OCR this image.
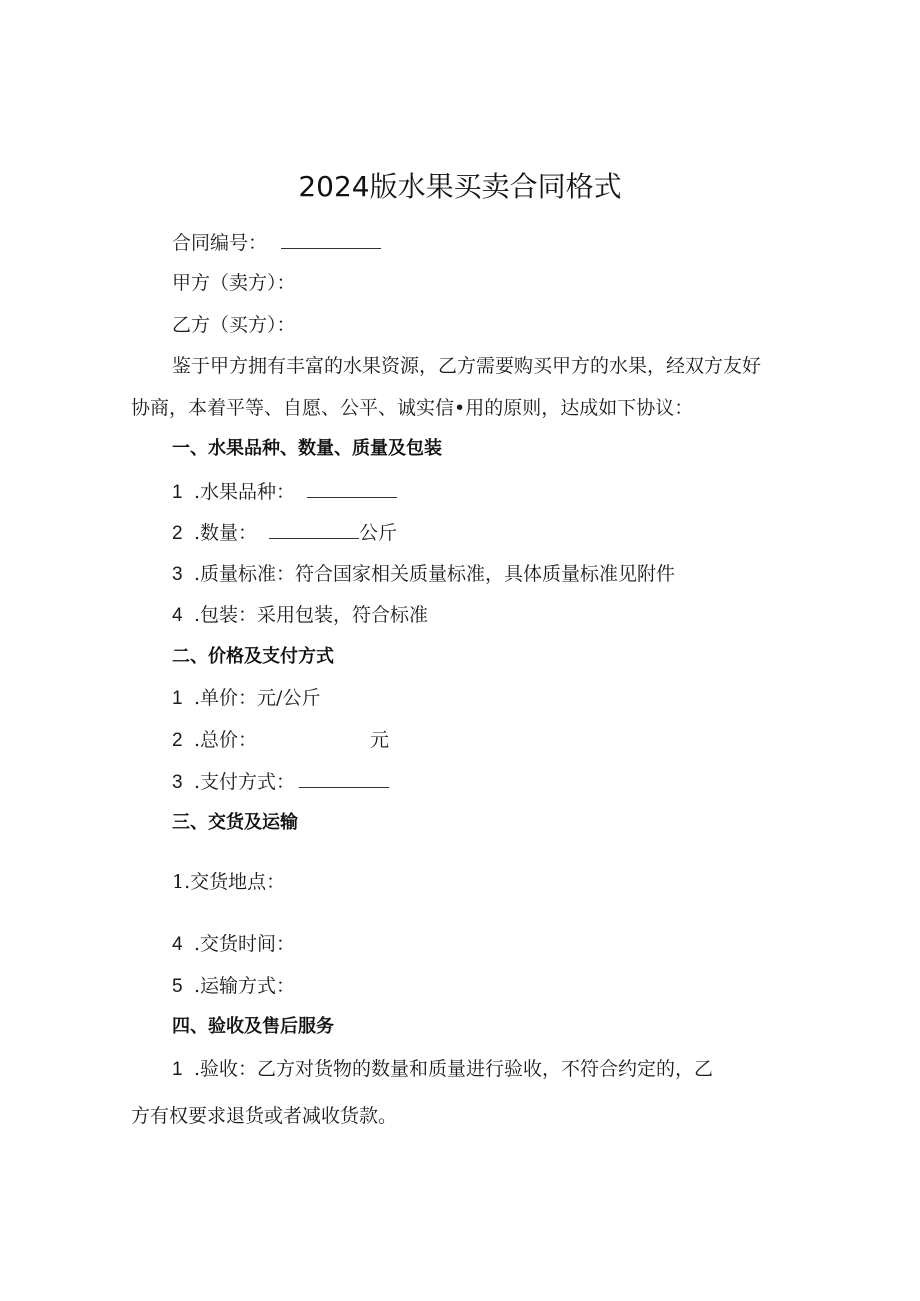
2024版水果买卖合同格式
合同编号：
甲方（卖方）：
乙方（买方）：
鉴于甲方拥有丰富的水果资源，乙方需要购买甲方的水果，经双方友好
协商，本着平等、自愿、公平、诚实信•用的原则，达成如下协议：
一、水果品种、数量、质量及包装
1 .水果品种：
2 .数量：	公斤
3 .质量标准：符合国家相关质量标准，具体质量标准见附件
4 .包装：采用包装，符合标准
二、价格及支付方式
1 .单价：元/公斤
2 .总价：	元
3 .支付方式：
三、交货及运输
1.交货地点：
4 .交货时间：
5 .运输方式：
四、验收及售后服务
1 .验收：乙方对货物的数量和质量进行验收，不符合约定的，乙
方有权要求退货或者减收货款。
